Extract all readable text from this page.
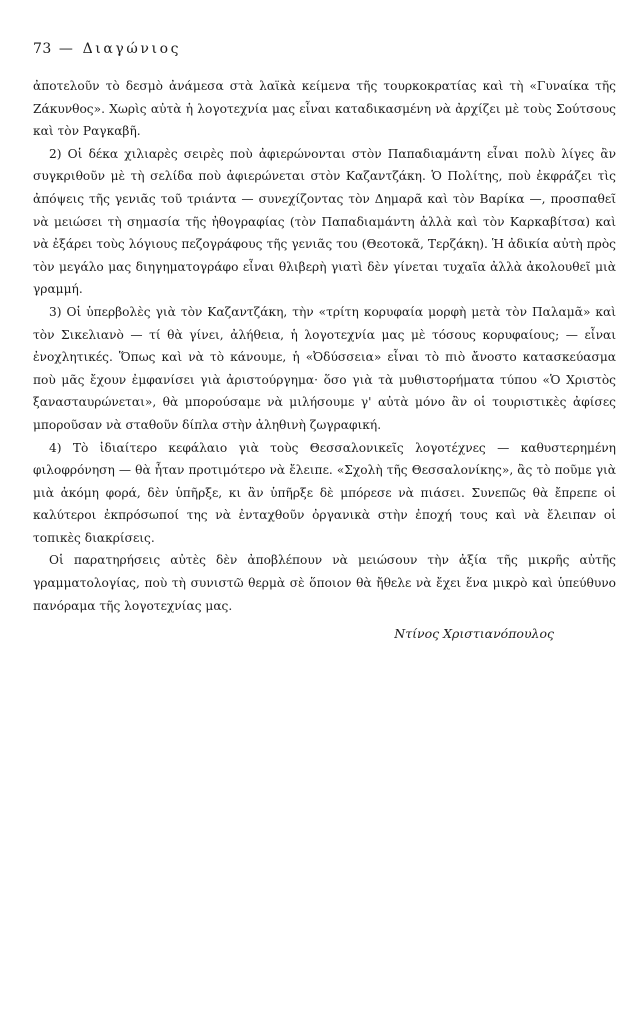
73 — Διαγώνιος

ἀποτελοῦν τὸ δεσμὸ ἀνάμεσα στὰ λαϊκὰ κείμενα τῆς τουρκοκρατίας καὶ τὴ «Γυναίκα τῆς Ζάκυνθος». Χωρὶς αὐτὰ ἡ λογοτεχνία μας εἶναι καταδικασμένη νὰ ἀρχίζει μὲ τοὺς Σούτσους καὶ τὸν Ραγκαβῆ.

2) Οἱ δέκα χιλιαρὲς σειρὲς ποὺ ἀφιερώνονται στὸν Παπαδιαμάντη εἶναι πολὺ λίγες ἂν συγκριθοῦν μὲ τὴ σελίδα ποὺ ἀφιερώνεται στὸν Καζαντζάκη. Ὁ Πολίτης, ποὺ ἐκφράζει τὶς ἀπόψεις τῆς γενιᾶς τοῦ τριάντα — συνεχίζοντας τὸν Δημαρᾶ καὶ τὸν Βαρίκα —, προσπαθεῖ νὰ μειώσει τὴ σημασία τῆς ἠθογραφίας (τὸν Παπαδιαμάντη ἀλλὰ καὶ τὸν Καρκαβίτσα) καὶ νὰ ἐξάρει τοὺς λόγιους πεζογράφους τῆς γενιᾶς του (Θεοτοκᾶ, Τερζάκη). Ἡ ἀδικία αὐτὴ πρὸς τὸν μεγάλο μας διηγηματογράφο εἶναι θλιβερὴ γιατὶ δὲν γίνεται τυχαῖα ἀλλὰ ἀκολουθεῖ μιὰ γραμμή.

3) Οἱ ὑπερβολὲς γιὰ τὸν Καζαντζάκη, τὴν «τρίτη κορυφαία μορφὴ μετὰ τὸν Παλαμᾶ» καὶ τὸν Σικελιανὸ — τί θὰ γίνει, ἀλήθεια, ἡ λογοτεχνία μας μὲ τόσους κορυφαίους; — εἶναι ἐνοχλητικές. Ὅπως καὶ νὰ τὸ κάνουμε, ἡ «Ὀδύσσεια» εἶναι τὸ πιὸ ἄνοστο κατασκεύασμα ποὺ μᾶς ἔχουν ἐμφανίσει γιὰ ἀριστούργημα· ὅσο γιὰ τὰ μυθιστορήματα τύπου «Ὁ Χριστὸς ξανασταυρώνεται», θὰ μπορούσαμε νὰ μιλήσουμε γ' αὐτὰ μόνο ἂν οἱ τουριστικὲς ἀφίσες μποροῦσαν νὰ σταθοῦν δίπλα στὴν ἀληθινὴ ζωγραφική.

4) Τὸ ἰδιαίτερο κεφάλαιο γιὰ τοὺς Θεσσαλονικεῖς λογοτέχνες — καθυστερημένη φιλοφρόνηση — θὰ ἦταν προτιμότερο νὰ ἔλειπε. «Σχολὴ τῆς Θεσσαλονίκης», ἂς τὸ ποῦμε γιὰ μιὰ ἀκόμη φορά, δὲν ὑπῆρξε, κι ἂν ὑπῆρξε δὲ μπόρεσε νὰ πιάσει. Συνεπῶς θὰ ἔπρεπε οἱ καλύτεροι ἐκπρόσωποί της νὰ ἐνταχθοῦν ὀργανικὰ στὴν ἐποχή τους καὶ νὰ ἔλειπαν οἱ τοπικὲς διακρίσεις.

Οἱ παρατηρήσεις αὐτὲς δὲν ἀποβλέπουν νὰ μειώσουν τὴν ἀξία τῆς μικρῆς αὐτῆς γραμματολογίας, ποὺ τὴ συνιστῶ θερμὰ σὲ ὅποιον θὰ ἤθελε νὰ ἔχει ἕνα μικρὸ καὶ ὑπεύθυνο πανόραμα τῆς λογοτεχνίας μας.

Ντίνος Χριστιανόπουλος
